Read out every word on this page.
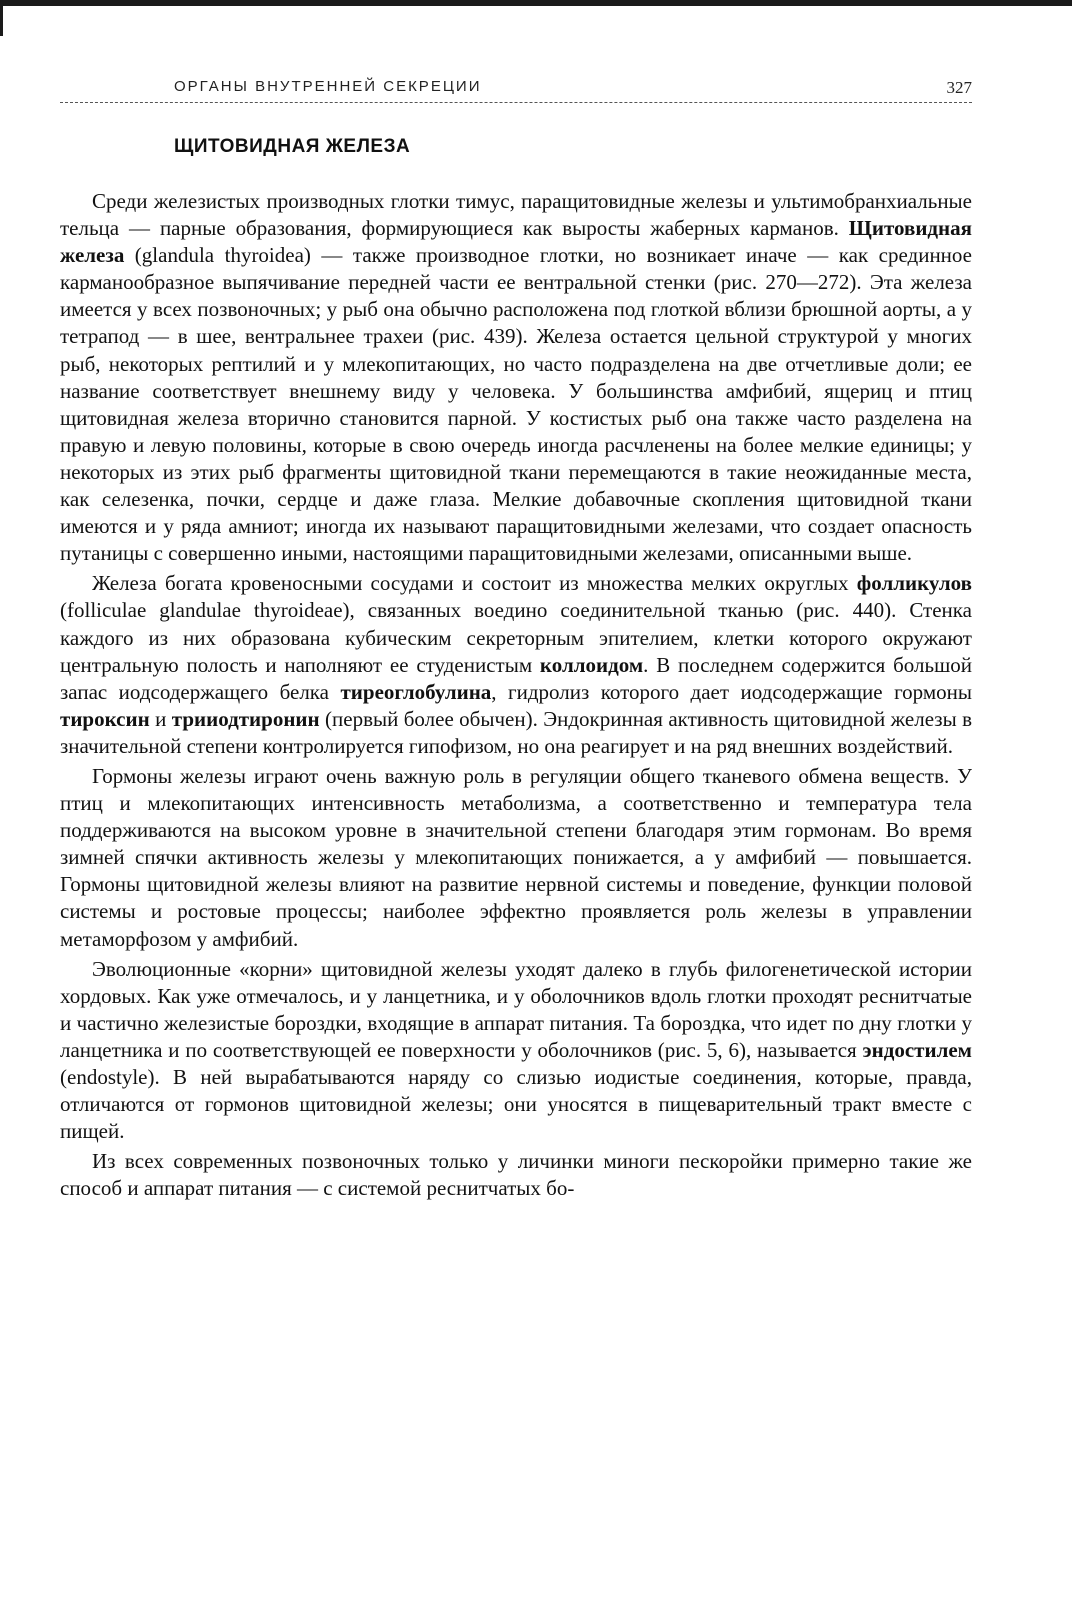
ОРГАНЫ ВНУТРЕННЕЙ СЕКРЕЦИИ	327
ЩИТОВИДНАЯ ЖЕЛЕЗА

Среди железистых производных глотки тимус, паращитовидные железы и ультимобранхиальные тельца — парные образования, формирующиеся как выросты жаберных карманов. Щитовидная железа (glandula thyroidea) — также производное глотки, но возникает иначе — как срединное карманообразное выпячивание передней части ее вентральной стенки (рис. 270—272). Эта железа имеется у всех позвоночных; у рыб она обычно расположена под глоткой вблизи брюшной аорты, а у тетрапод — в шее, вентральнее трахеи (рис. 439). Железа остается цельной структурой у многих рыб, некоторых рептилий и у млекопитающих, но часто подразделена на две отчетливые доли; ее название соответствует внешнему виду у человека. У большинства амфибий, ящериц и птиц щитовидная железа вторично становится парной. У костистых рыб она также часто разделена на правую и левую половины, которые в свою очередь иногда расчленены на более мелкие единицы; у некоторых из этих рыб фрагменты щитовидной ткани перемещаются в такие неожиданные места, как селезенка, почки, сердце и даже глаза. Мелкие добавочные скопления щитовидной ткани имеются и у ряда амниот; иногда их называют паращитовидными железами, что создает опасность путаницы с совершенно иными, настоящими паращитовидными железами, описанными выше.

Железа богата кровеносными сосудами и состоит из множества мелких округлых фолликулов (folliculae glandulae thyroideae), связанных воедино соединительной тканью (рис. 440). Стенка каждого из них образована кубическим секреторным эпителием, клетки которого окружают центральную полость и наполняют ее студенистым коллоидом. В последнем содержится большой запас иодсодержащего белка тиреоглобулина, гидролиз которого дает иодсодержащие гормоны тироксин и трииодтиронин (первый более обычен). Эндокринная активность щитовидной железы в значительной степени контролируется гипофизом, но она реагирует и на ряд внешних воздействий.

Гормоны железы играют очень важную роль в регуляции общего тканевого обмена веществ. У птиц и млекопитающих интенсивность метаболизма, а соответственно и температура тела поддерживаются на высоком уровне в значительной степени благодаря этим гормонам. Во время зимней спячки активность железы у млекопитающих понижается, а у амфибий — повышается. Гормоны щитовидной железы влияют на развитие нервной системы и поведение, функции половой системы и ростовые процессы; наиболее эффектно проявляется роль железы в управлении метаморфозом у амфибий.

Эволюционные «корни» щитовидной железы уходят далеко в глубь филогенетической истории хордовых. Как уже отмечалось, и у ланцетника, и у оболочников вдоль глотки проходят реснитчатые и частично железистые бороздки, входящие в аппарат питания. Та бороздка, что идет по дну глотки у ланцетника и по соответствующей ее поверхности у оболочников (рис. 5, 6), называется эндостилем (endostyle). В ней вырабатываются наряду со слизью иодистые соединения, которые, правда, отличаются от гормонов щитовидной железы; они уносятся в пищеварительный тракт вместе с пищей.

Из всех современных позвоночных только у личинки миноги пескоройки примерно такие же способ и аппарат питания — с системой реснитчатых бо-
